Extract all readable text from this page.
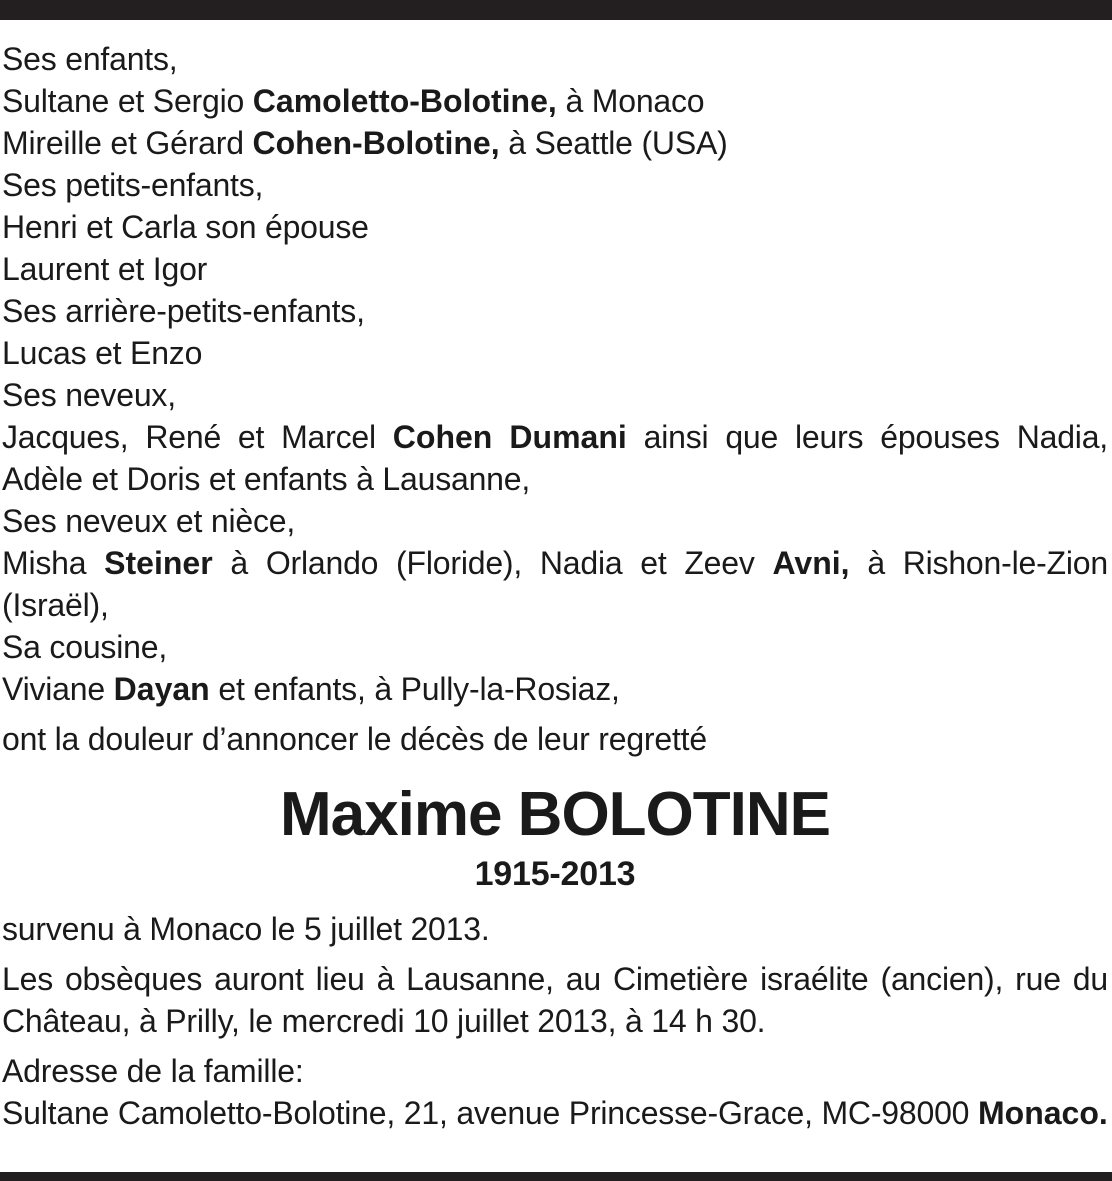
Ses enfants,
Sultane et Sergio Camoletto-Bolotine, à Monaco
Mireille et Gérard Cohen-Bolotine, à Seattle (USA)
Ses petits-enfants,
Henri et Carla son épouse
Laurent et Igor
Ses arrière-petits-enfants,
Lucas et Enzo
Ses neveux,
Jacques, René et Marcel Cohen Dumani ainsi que leurs épouses Nadia,
Adèle et Doris et enfants à Lausanne,
Ses neveux et nièce,
Misha Steiner à Orlando (Floride), Nadia et Zeev Avni, à Rishon-le-Zion
(Israël),
Sa cousine,
Viviane Dayan et enfants, à Pully-la-Rosiaz,
ont la douleur d’annoncer le décès de leur regretté
Maxime BOLOTINE
1915-2013
survenu à Monaco le 5 juillet 2013.
Les obsèques auront lieu à Lausanne, au Cimetière israélite (ancien), rue du Château, à Prilly, le mercredi 10 juillet 2013, à 14 h 30.
Adresse de la famille:
Sultane Camoletto-Bolotine, 21, avenue Princesse-Grace, MC-98000 Monaco.
